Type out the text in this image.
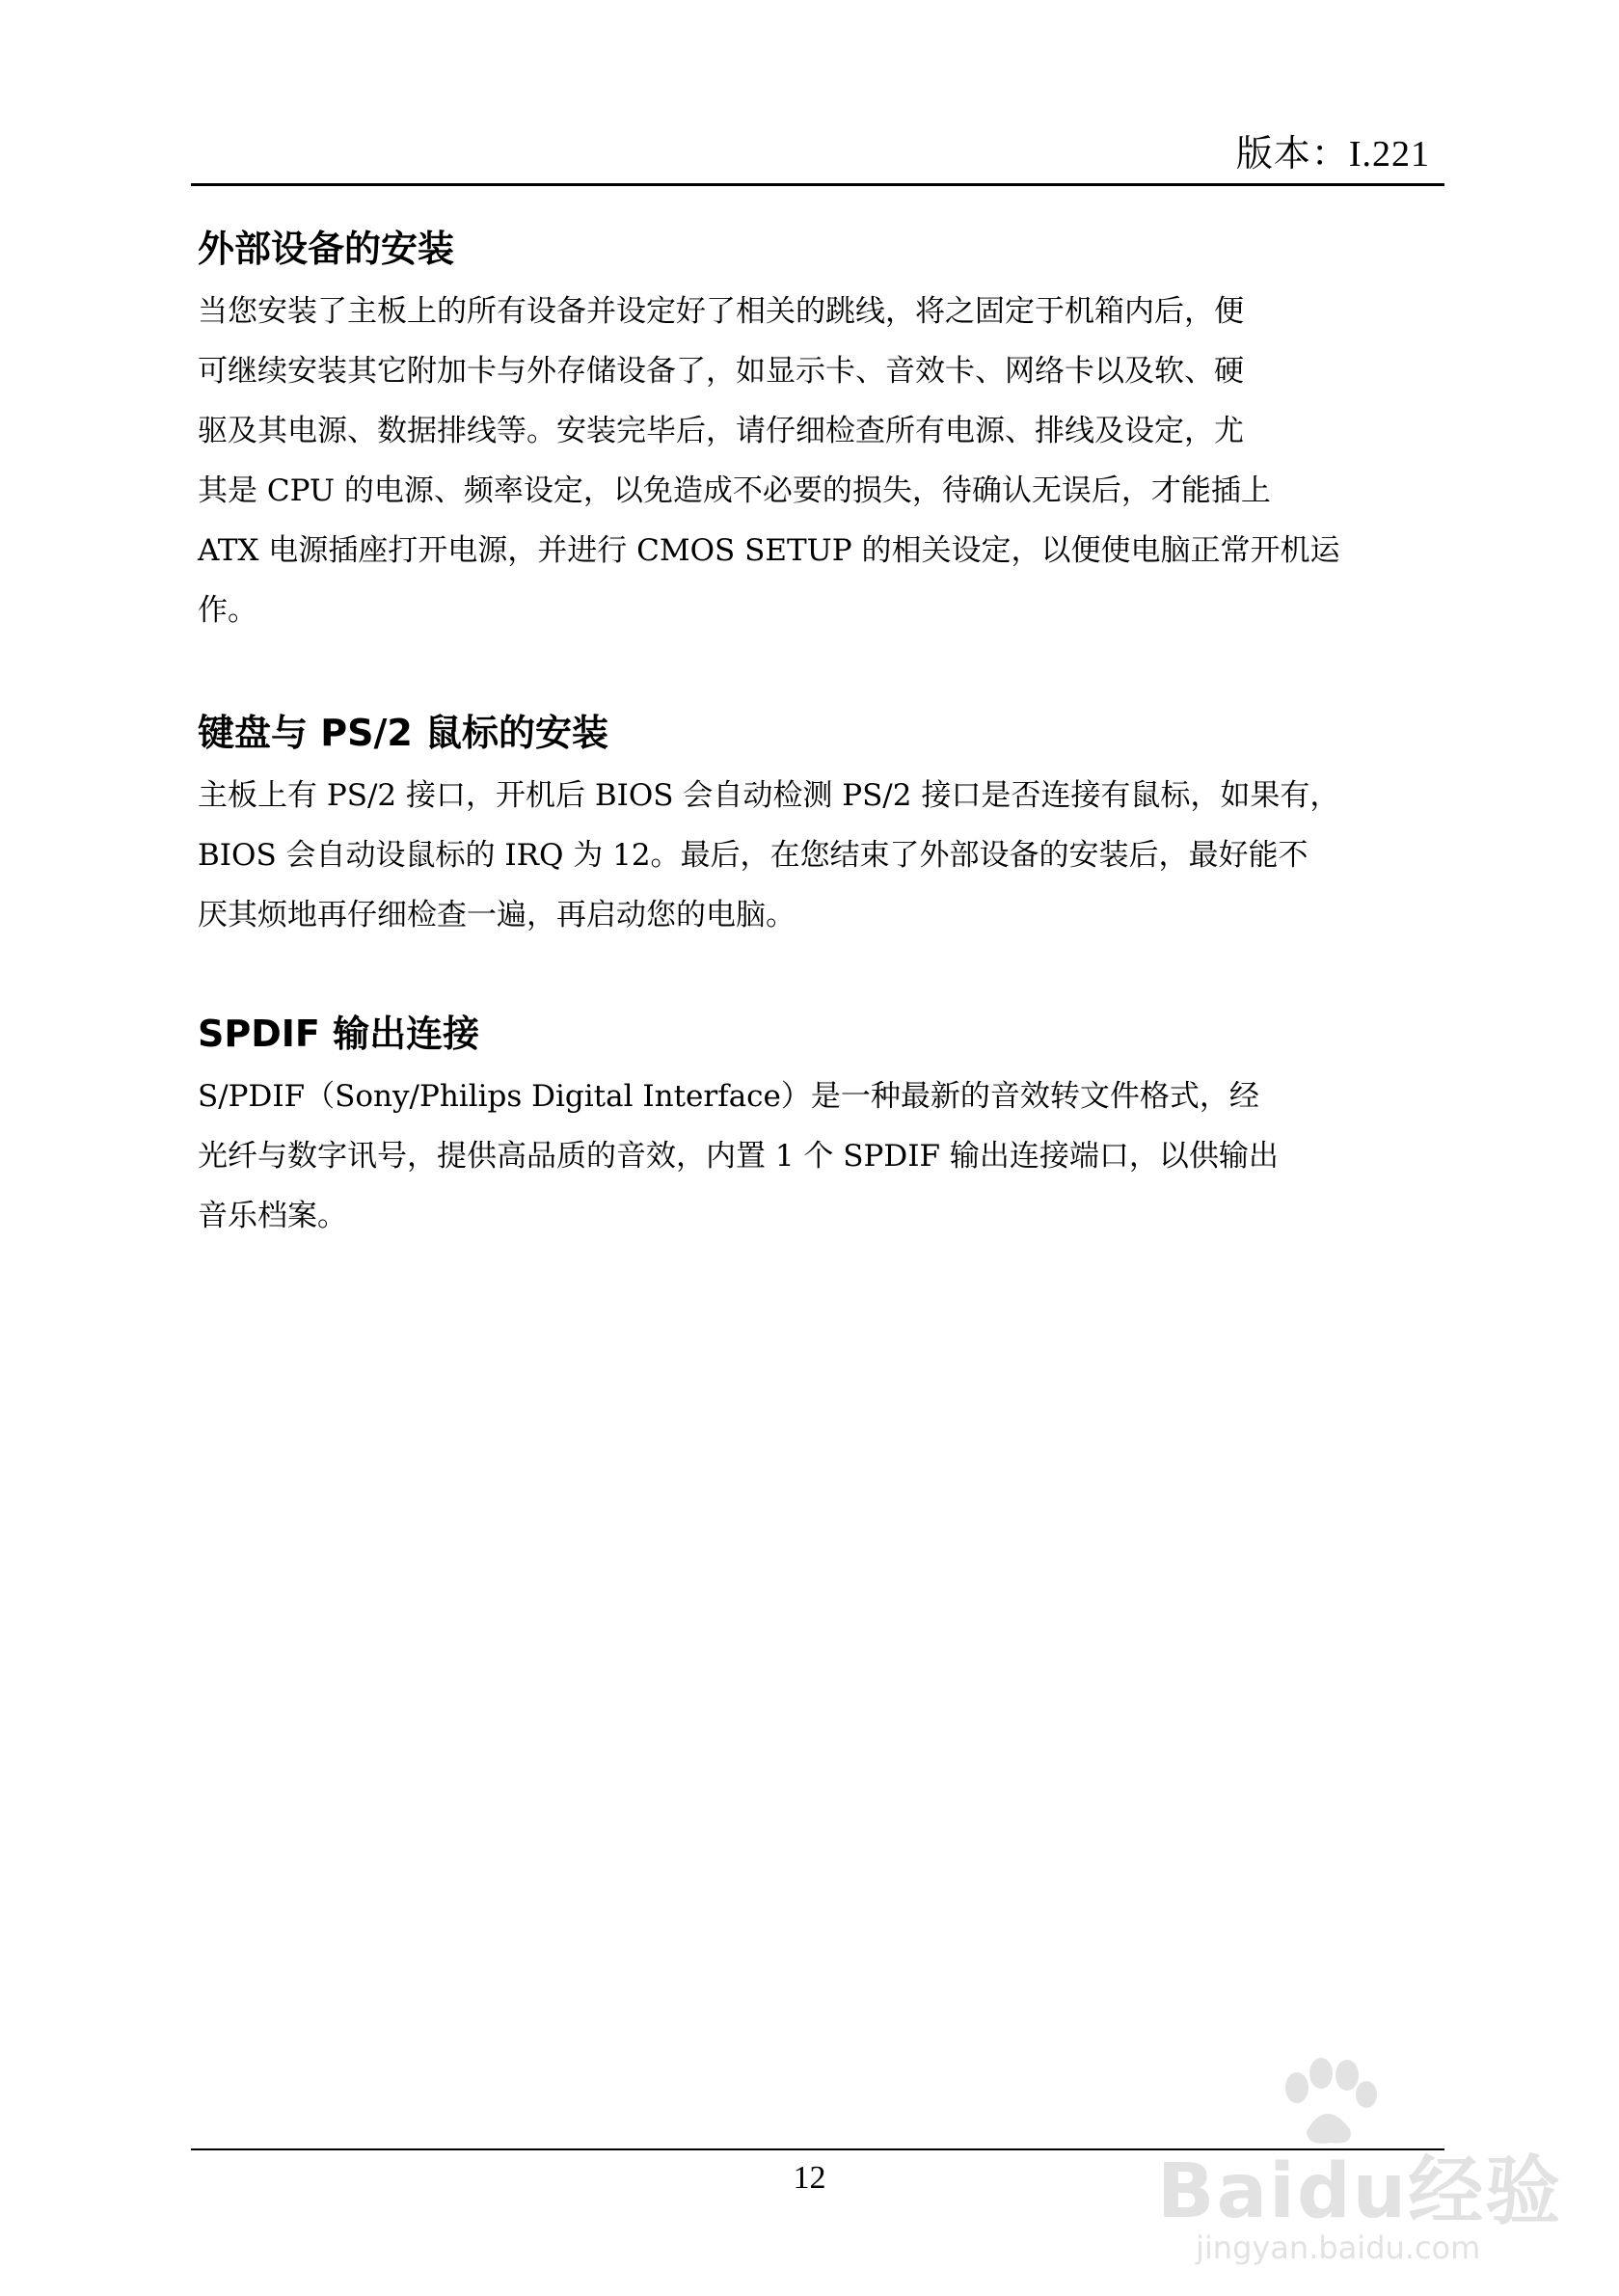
版本：I.221
外部设备的安装

当您安装了主板上的所有设备并设定好了相关的跳线，将之固定于机箱内后，便
可继续安装其它附加卡与外存储设备了，如显示卡、音效卡、网络卡以及软、硬
驱及其电源、数据排线等。安装完毕后，请仔细检查所有电源、排线及设定，尤
其是 CPU 的电源、频率设定，以免造成不必要的损失，待确认无误后，才能插上
ATX 电源插座打开电源，并进行 CMOS SETUP 的相关设定，以便使电脑正常开机运
作。

键盘与 PS/2 鼠标的安装

主板上有 PS/2 接口，开机后 BIOS 会自动检测 PS/2 接口是否连接有鼠标，如果有，
BIOS 会自动设鼠标的 IRQ 为 12。最后，在您结束了外部设备的安装后，最好能不
厌其烦地再仔细检查一遍，再启动您的电脑。

SPDIF 输出连接

S/PDIF（Sony/Philips Digital Interface）是一种最新的音效转文件格式，经
光纤与数字讯号，提供高品质的音效，内置 1 个 SPDIF 输出连接端口，以供输出
音乐档案。

12	Baidu经验
jingyan.baidu.com
